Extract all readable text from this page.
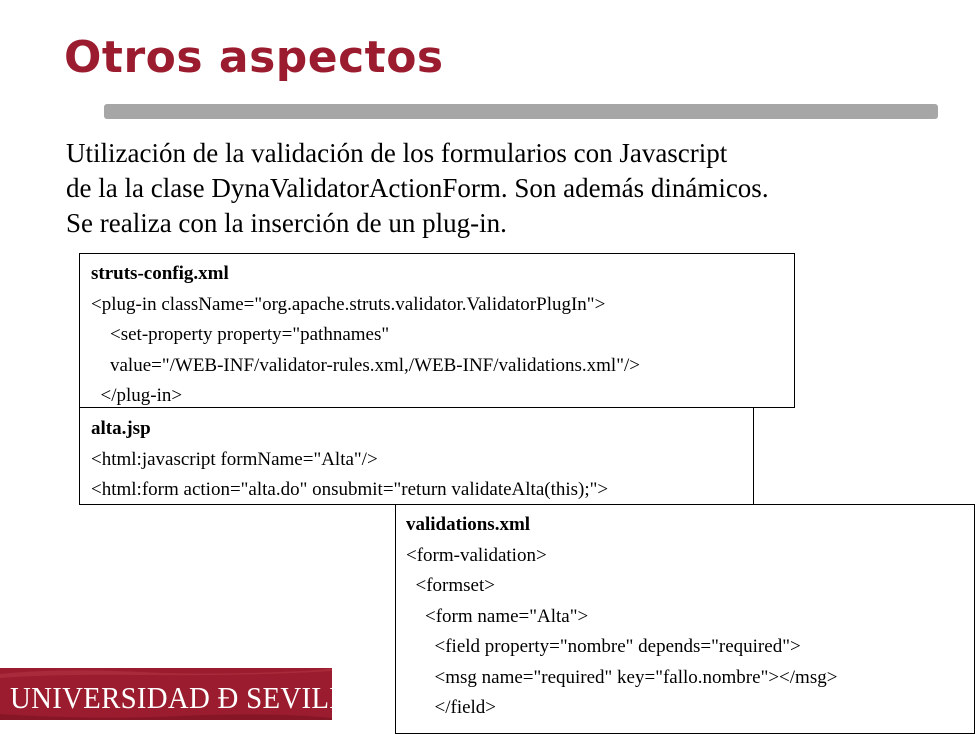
Otros aspectos
Utilización de la validación de los formularios con Javascript
de la la clase DynaValidatorActionForm. Son además dinámicos.
Se realiza con la inserción de un plug-in.
struts-config.xml
<plug-in className="org.apache.struts.validator.ValidatorPlugIn">
<set-property property="pathnames"
value="/WEB-INF/validator-rules.xml,/WEB-INF/validations.xml"/>
</plug-in>
alta.jsp
<html:javascript formName="Alta"/>
<html:form action="alta.do" onsubmit="return validateAlta(this);">
validations.xml
<form-validation>
<formset>
<form name="Alta">
<field property="nombre" depends="required">
<msg name="required" key="fallo.nombre"></msg>
</field>
UNIVERSIDAD Ð SEVILLA
